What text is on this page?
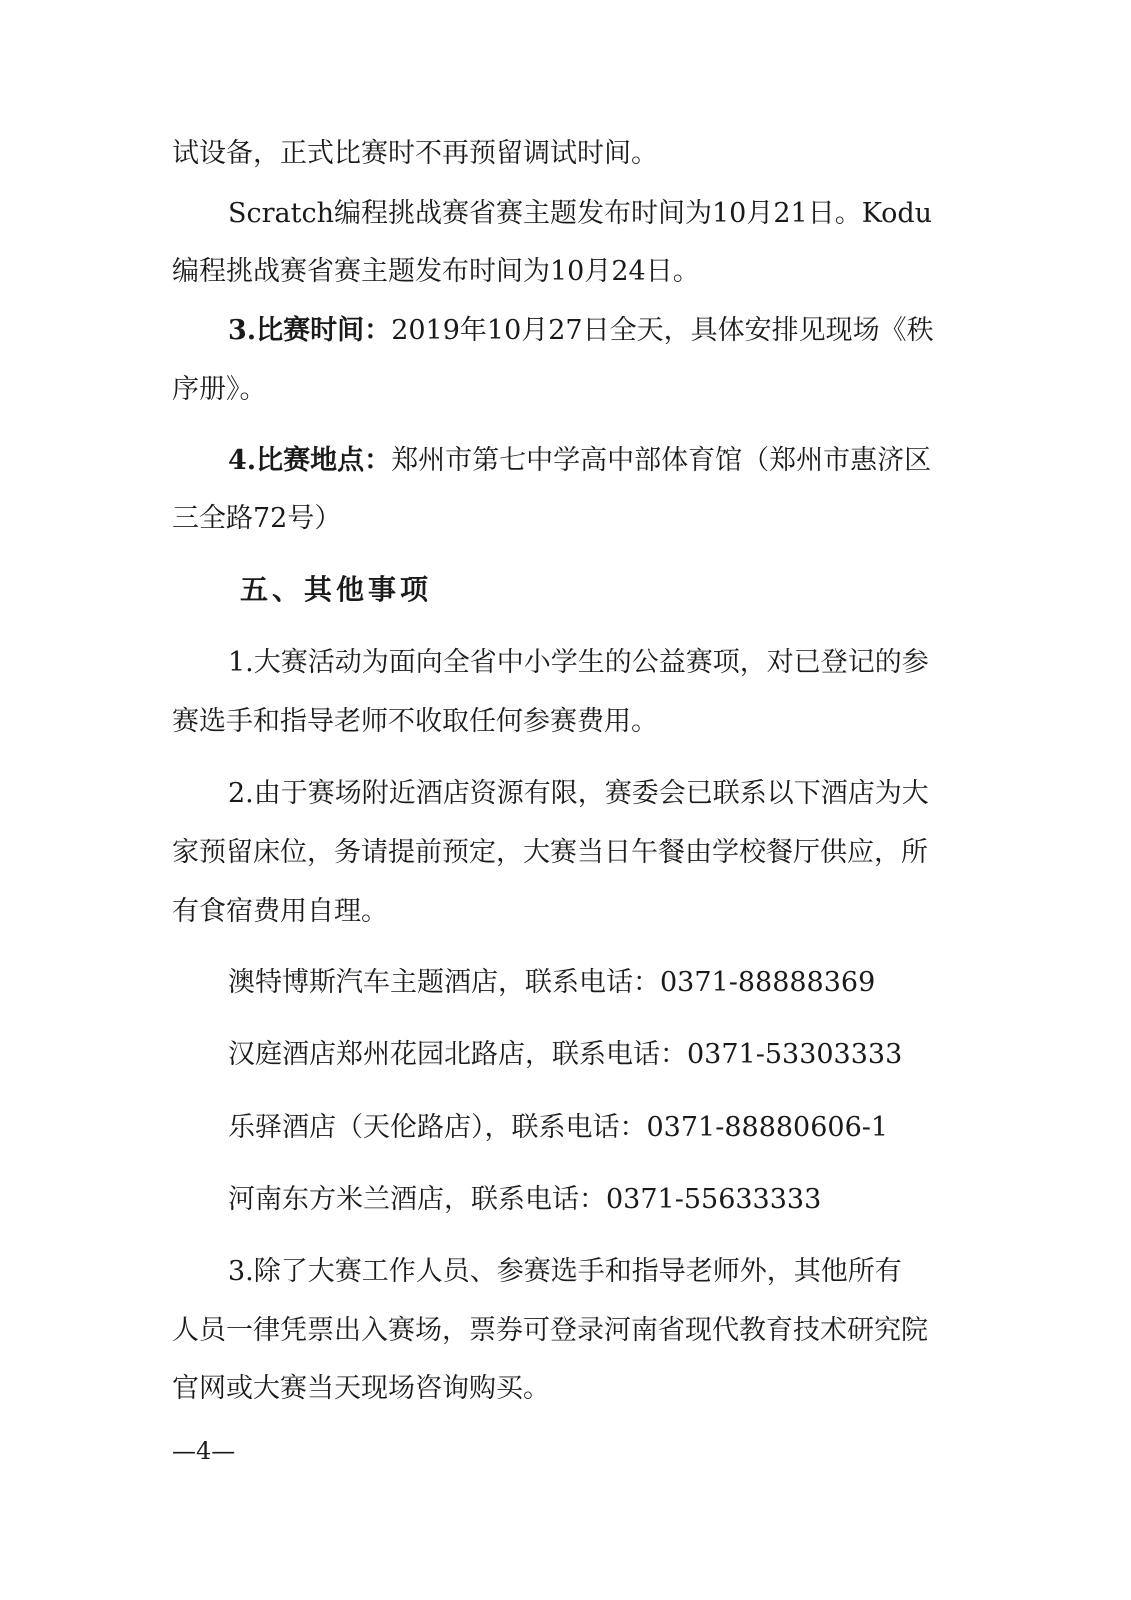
试设备，正式比赛时不再预留调试时间。
Scratch编程挑战赛省赛主题发布时间为10月21日。Kodu
编程挑战赛省赛主题发布时间为10月24日。
3.比赛时间：2019年10月27日全天，具体安排见现场《秩
序册》。
4.比赛地点：郑州市第七中学高中部体育馆（郑州市惠济区
三全路72号）
五、其他事项
1.大赛活动为面向全省中小学生的公益赛项，对已登记的参
赛选手和指导老师不收取任何参赛费用。
2.由于赛场附近酒店资源有限，赛委会已联系以下酒店为大
家预留床位，务请提前预定，大赛当日午餐由学校餐厅供应，所
有食宿费用自理。
澳特博斯汽车主题酒店，联系电话：0371-88888369
汉庭酒店郑州花园北路店，联系电话：0371-53303333
乐驿酒店（天伦路店），联系电话：0371-88880606-1
河南东方米兰酒店，联系电话：0371-55633333
3.除了大赛工作人员、参赛选手和指导老师外，其他所有
人员一律凭票出入赛场，票券可登录河南省现代教育技术研究院
官网或大赛当天现场咨询购买。
—4—
